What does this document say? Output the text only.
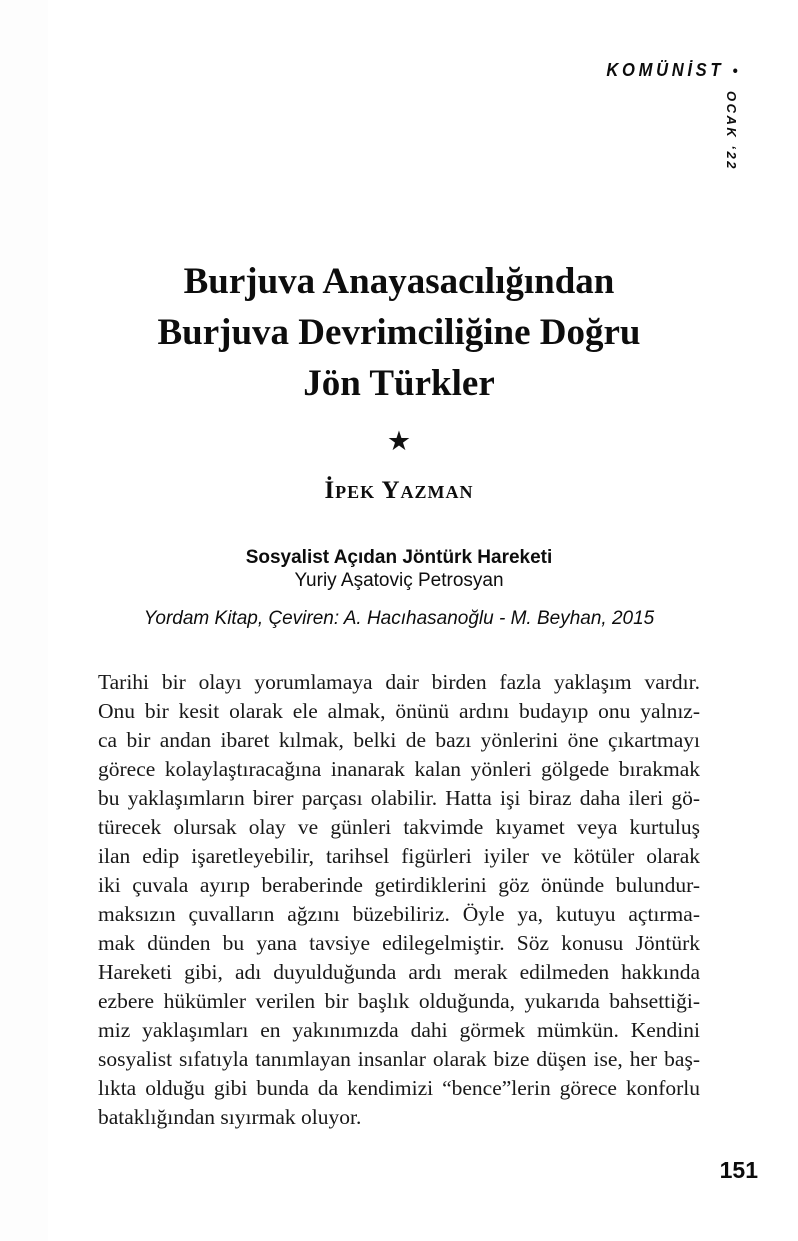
KOMÜNİST •
OCAK ‘22
Burjuva Anayasacılığından
Burjuva Devrimciliğine Doğru
Jön Türkler
★
İpek Yazman
Sosyalist Açıdan Jöntürk Hareketi
Yuriy Aşatoviç Petrosyan
Yordam Kitap, Çeviren: A. Hacıhasanoğlu - M. Beyhan, 2015
Tarihi bir olayı yorumlamaya dair birden fazla yaklaşım vardır.
Onu bir kesit olarak ele almak, önünü ardını budayıp onu yalnız-
ca bir andan ibaret kılmak, belki de bazı yönlerini öne çıkartmayı
görece kolaylaştıracağına inanarak kalan yönleri gölgede bırakmak
bu yaklaşımların birer parçası olabilir. Hatta işi biraz daha ileri gö-
türecek olursak olay ve günleri takvimde kıyamet veya kurtuluş
ilan edip işaretleyebilir, tarihsel figürleri iyiler ve kötüler olarak
iki çuvala ayırıp beraberinde getirdiklerini göz önünde bulundur-
maksızın çuvalların ağzını büzebiliriz. Öyle ya, kutuyu açtırma-
mak dünden bu yana tavsiye edilegelmiştir. Söz konusu Jöntürk
Hareketi gibi, adı duyulduğunda ardı merak edilmeden hakkında
ezbere hükümler verilen bir başlık olduğunda, yukarıda bahsettiği-
miz yaklaşımları en yakınımızda dahi görmek mümkün. Kendini
sosyalist sıfatıyla tanımlayan insanlar olarak bize düşen ise, her baş-
lıkta olduğu gibi bunda da kendimizi “bence”lerin görece konforlu
bataklığından sıyırmak oluyor.
151
